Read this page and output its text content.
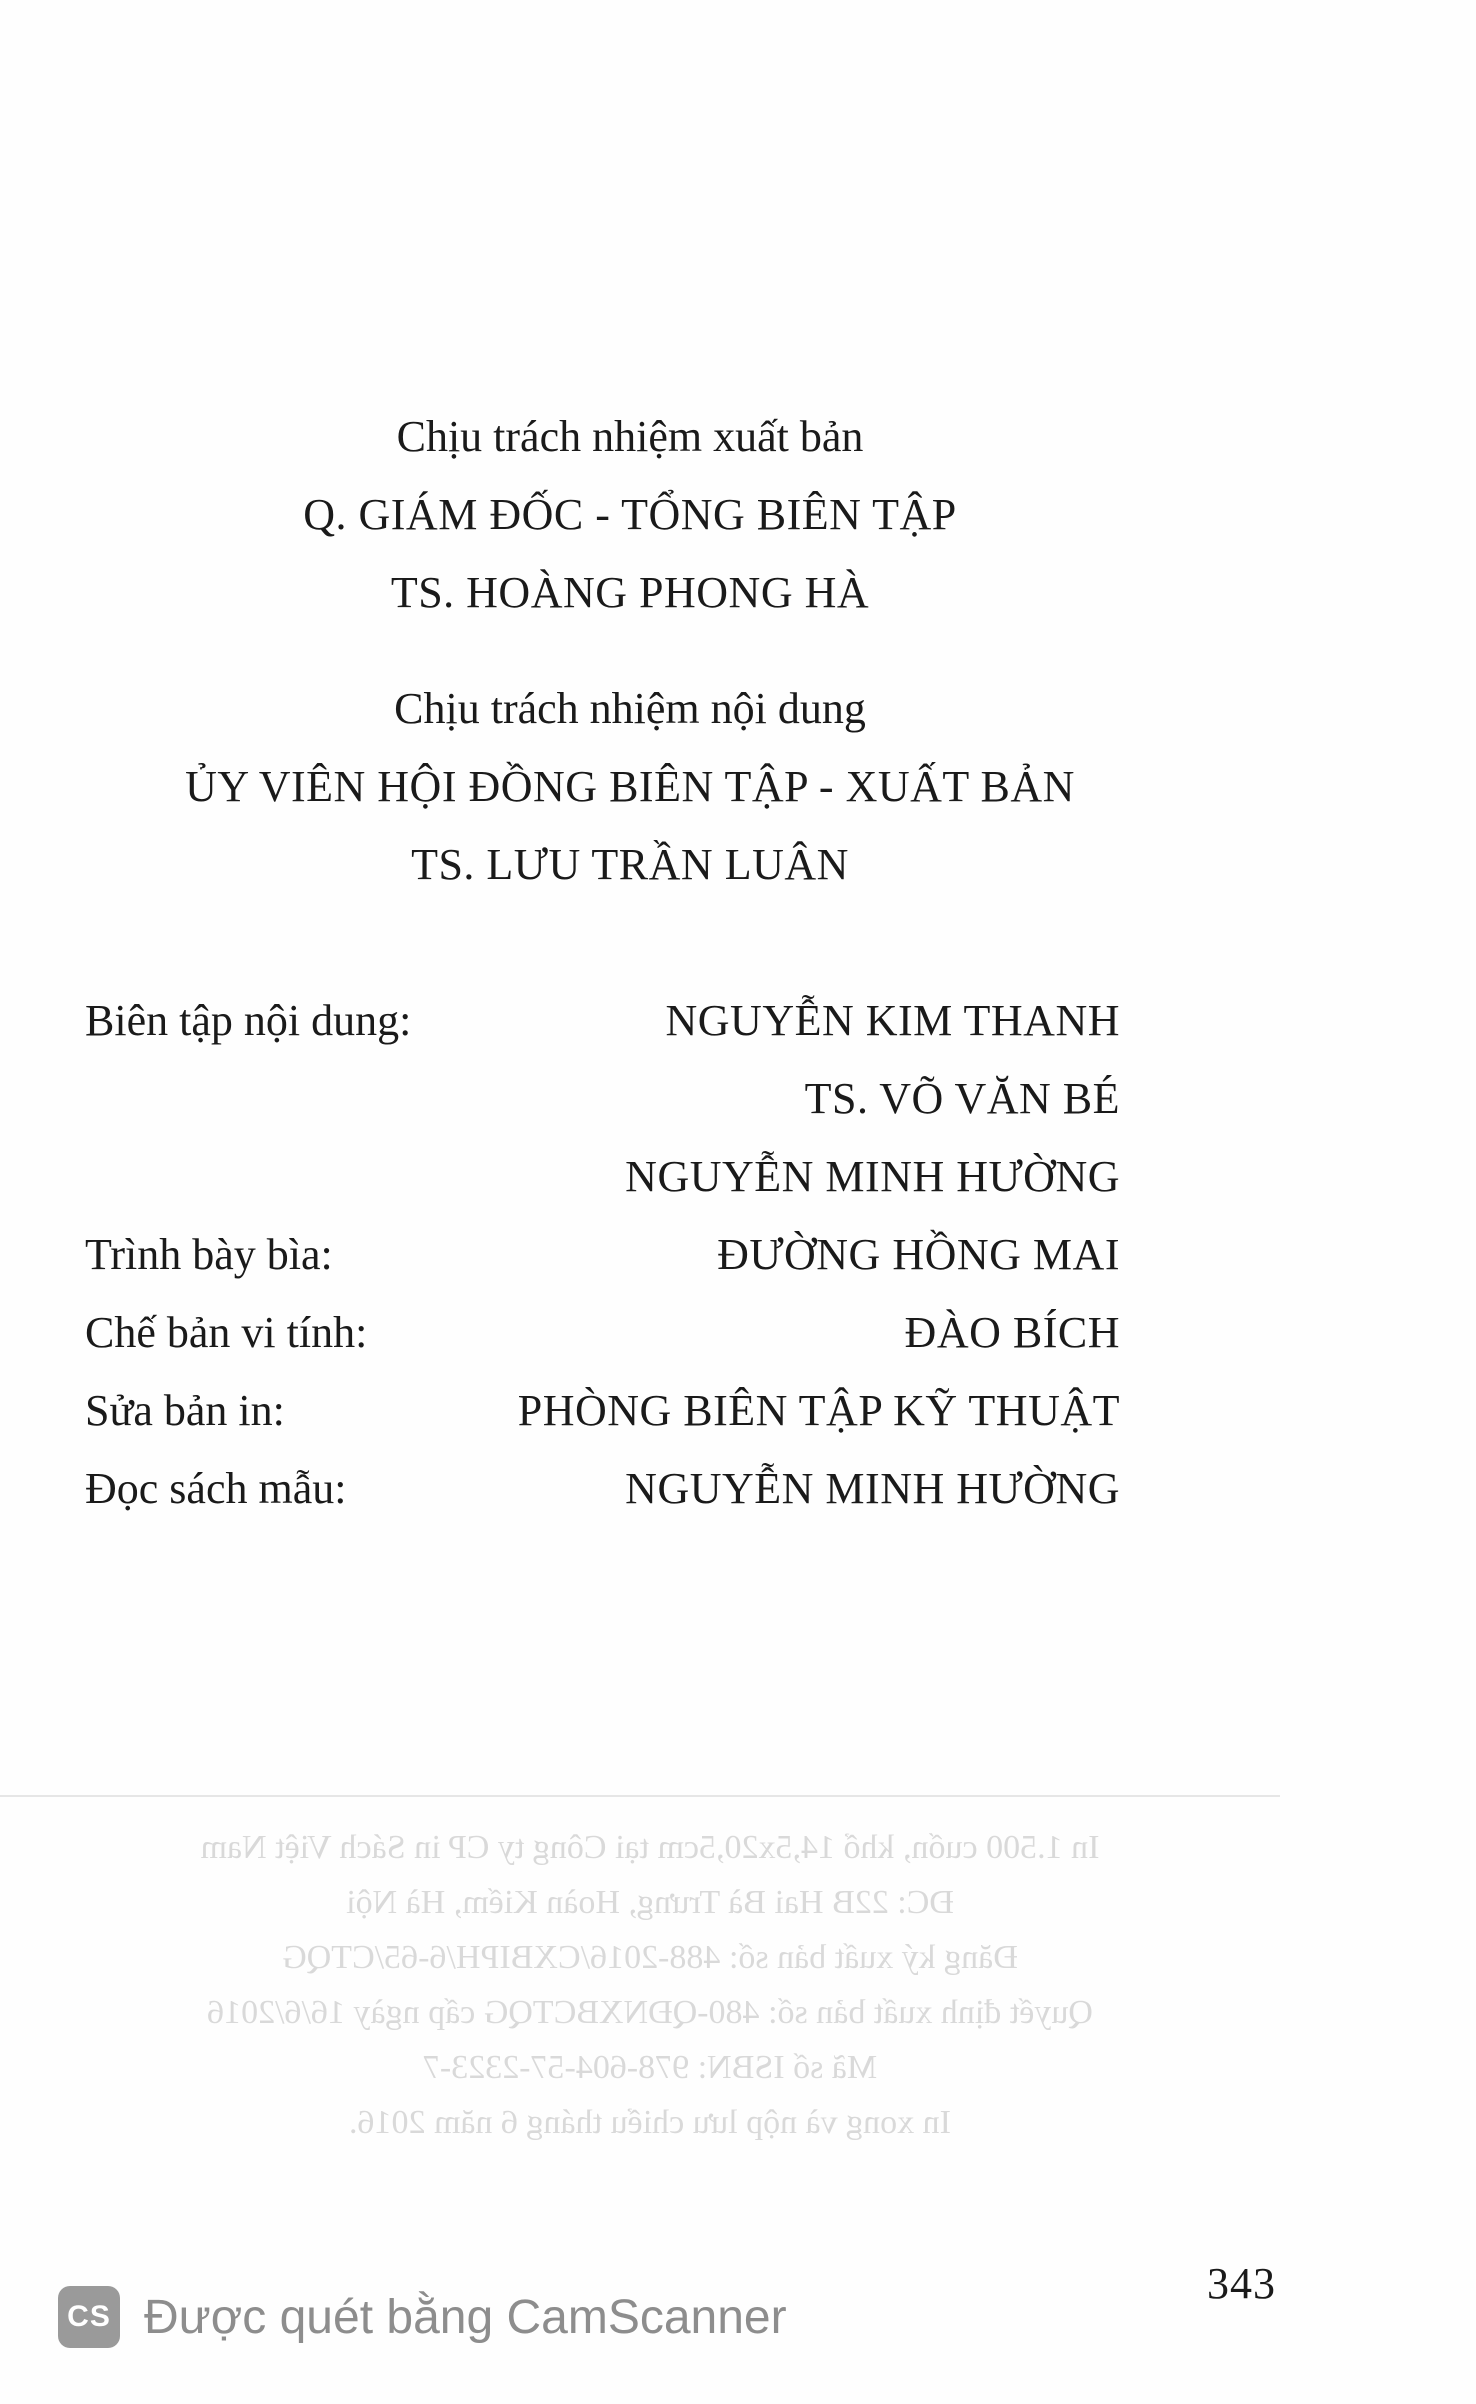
Chịu trách nhiệm xuất bản
Q. GIÁM ĐỐC - TỔNG BIÊN TẬP
TS. HOÀNG PHONG HÀ
Chịu trách nhiệm nội dung
ỦY VIÊN HỘI ĐỒNG BIÊN TẬP - XUẤT BẢN
TS. LƯU TRẦN LUÂN
Biên tập nội dung:	NGUYỄN KIM THANH
TS. VÕ VĂN BÉ
NGUYỄN MINH HƯỜNG
Trình bày bìa:	ĐƯỜNG HỒNG MAI
Chế bản vi tính:	ĐÀO BÍCH
Sửa bản in:	PHÒNG BIÊN TẬP KỸ THUẬT
Đọc sách mẫu:	NGUYỄN MINH HƯỜNG
In 1.500 cuốn, khổ 14,5x20,5cm tại Công ty CP in Sách Việt Nam
ĐC: 22B Hai Bà Trưng, Hoàn Kiếm, Hà Nội
Đăng ký xuất bản số: 488-2016/CXBIPH/6-65/CTQG
Quyết định xuất bản số: 480-QĐNXBCTQG cấp ngày 16/6/2016
Mã số ISBN: 978-604-57-2323-7
In xong và nộp lưu chiểu tháng 6 năm 2016.
343
CS Được quét bằng CamScanner
